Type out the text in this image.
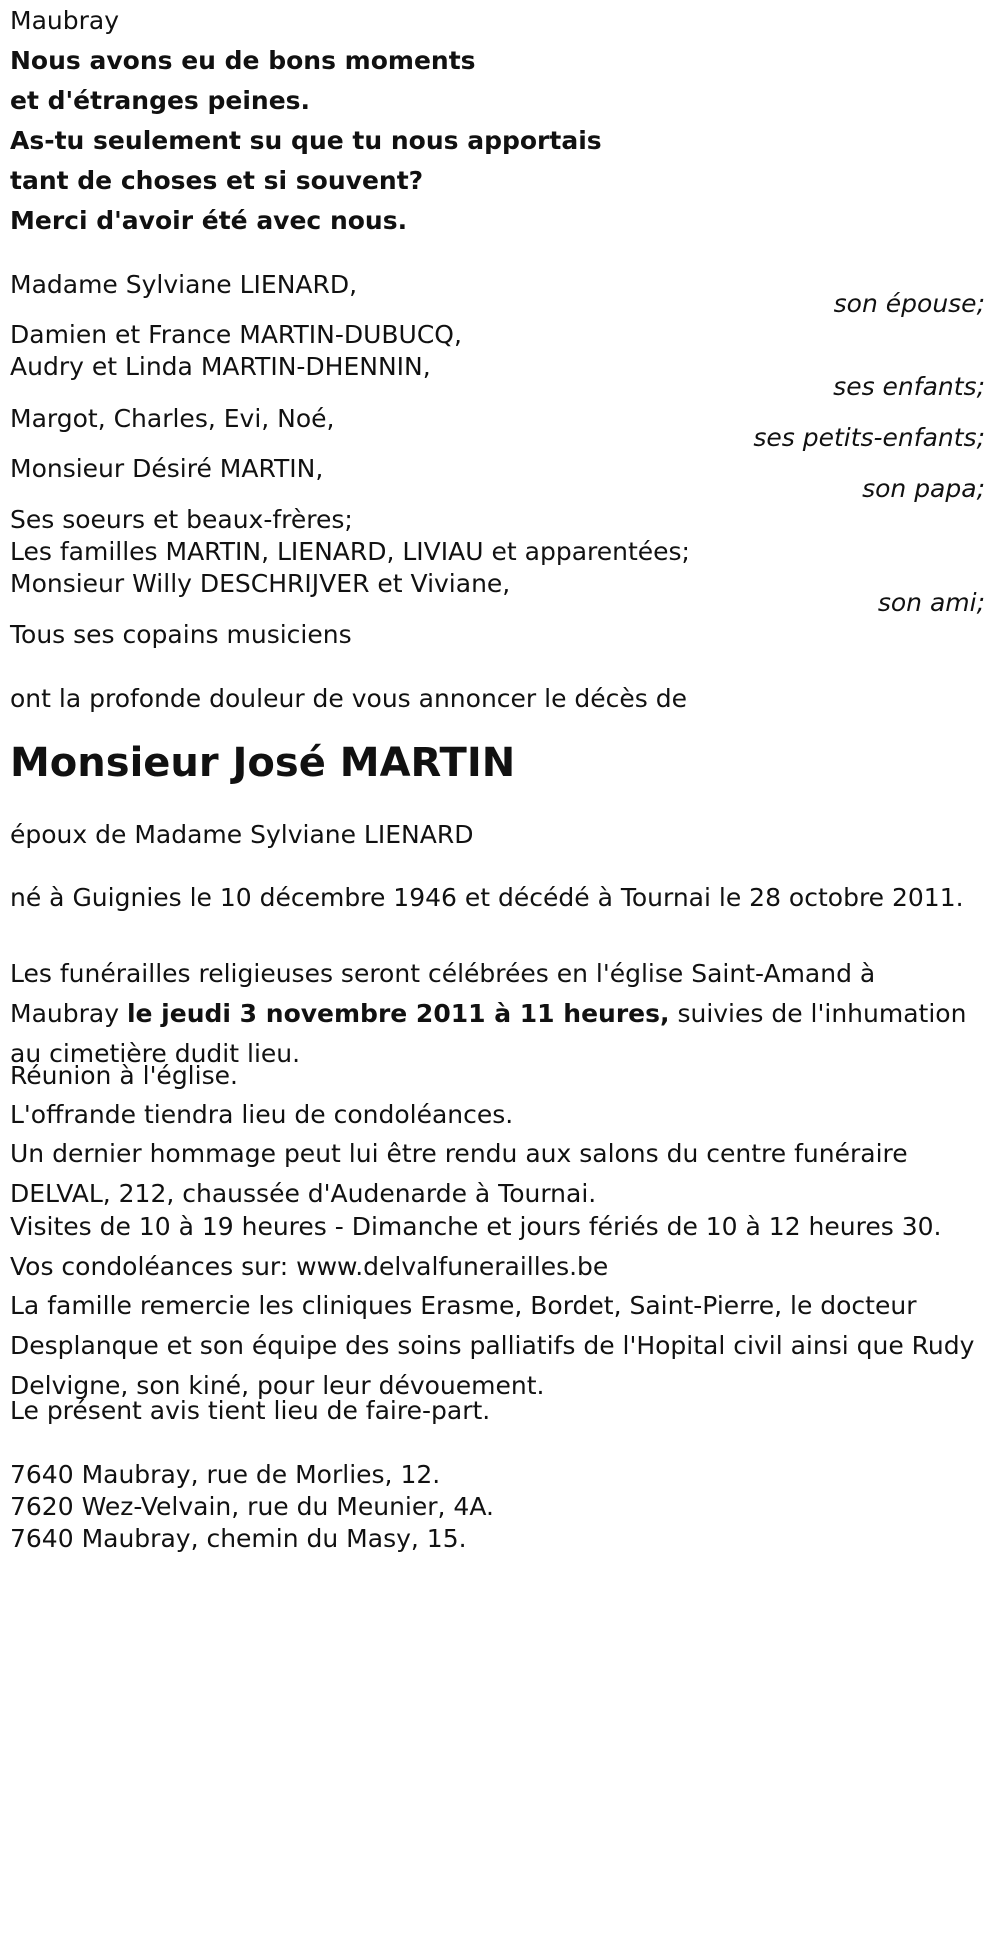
Maubray

Nous avons eu de bons moments

et d'étranges peines.

As-tu seulement su que tu nous apportais

tant de choses et si souvent?

Merci d'avoir été avec nous.

Madame Sylviane LIENARD,

son épouse;

Damien et France MARTIN-DUBUCQ,

Audry et Linda MARTIN-DHENNIN,

ses enfants;

Margot, Charles, Evi, Noé,

ses petits-enfants;

Monsieur Désiré MARTIN,

son papa;

Ses soeurs et beaux-frères;

Les familles MARTIN, LIENARD, LIVIAU et apparentées;

Monsieur Willy DESCHRIJVER et Viviane,

son ami;

Tous ses copains musiciens

ont la profonde douleur de vous annoncer le décès de

Monsieur José MARTIN

époux de Madame Sylviane LIENARD

né à Guignies le 10 décembre 1946 et décédé à Tournai le 28 octobre 2011.

Les funérailles religieuses seront célébrées en l'église Saint-Amand à Maubray le jeudi 3 novembre 2011 à 11 heures, suivies de l'inhumation au cimetière dudit lieu.

Réunion à l'église.

L'offrande tiendra lieu de condoléances.

Un dernier hommage peut lui être rendu aux salons du centre funéraire DELVAL, 212, chaussée d'Audenarde à Tournai.

Visites de 10 à 19 heures - Dimanche et jours fériés de 10 à 12 heures 30.

Vos condoléances sur: www.delvalfunerailles.be

La famille remercie les cliniques Erasme, Bordet, Saint-Pierre, le docteur Desplanque et son équipe des soins palliatifs de l'Hopital civil ainsi que Rudy Delvigne, son kiné, pour leur dévouement.

Le présent avis tient lieu de faire-part.

7640 Maubray, rue de Morlies, 12.

7620 Wez-Velvain, rue du Meunier, 4A.

7640 Maubray, chemin du Masy, 15.
